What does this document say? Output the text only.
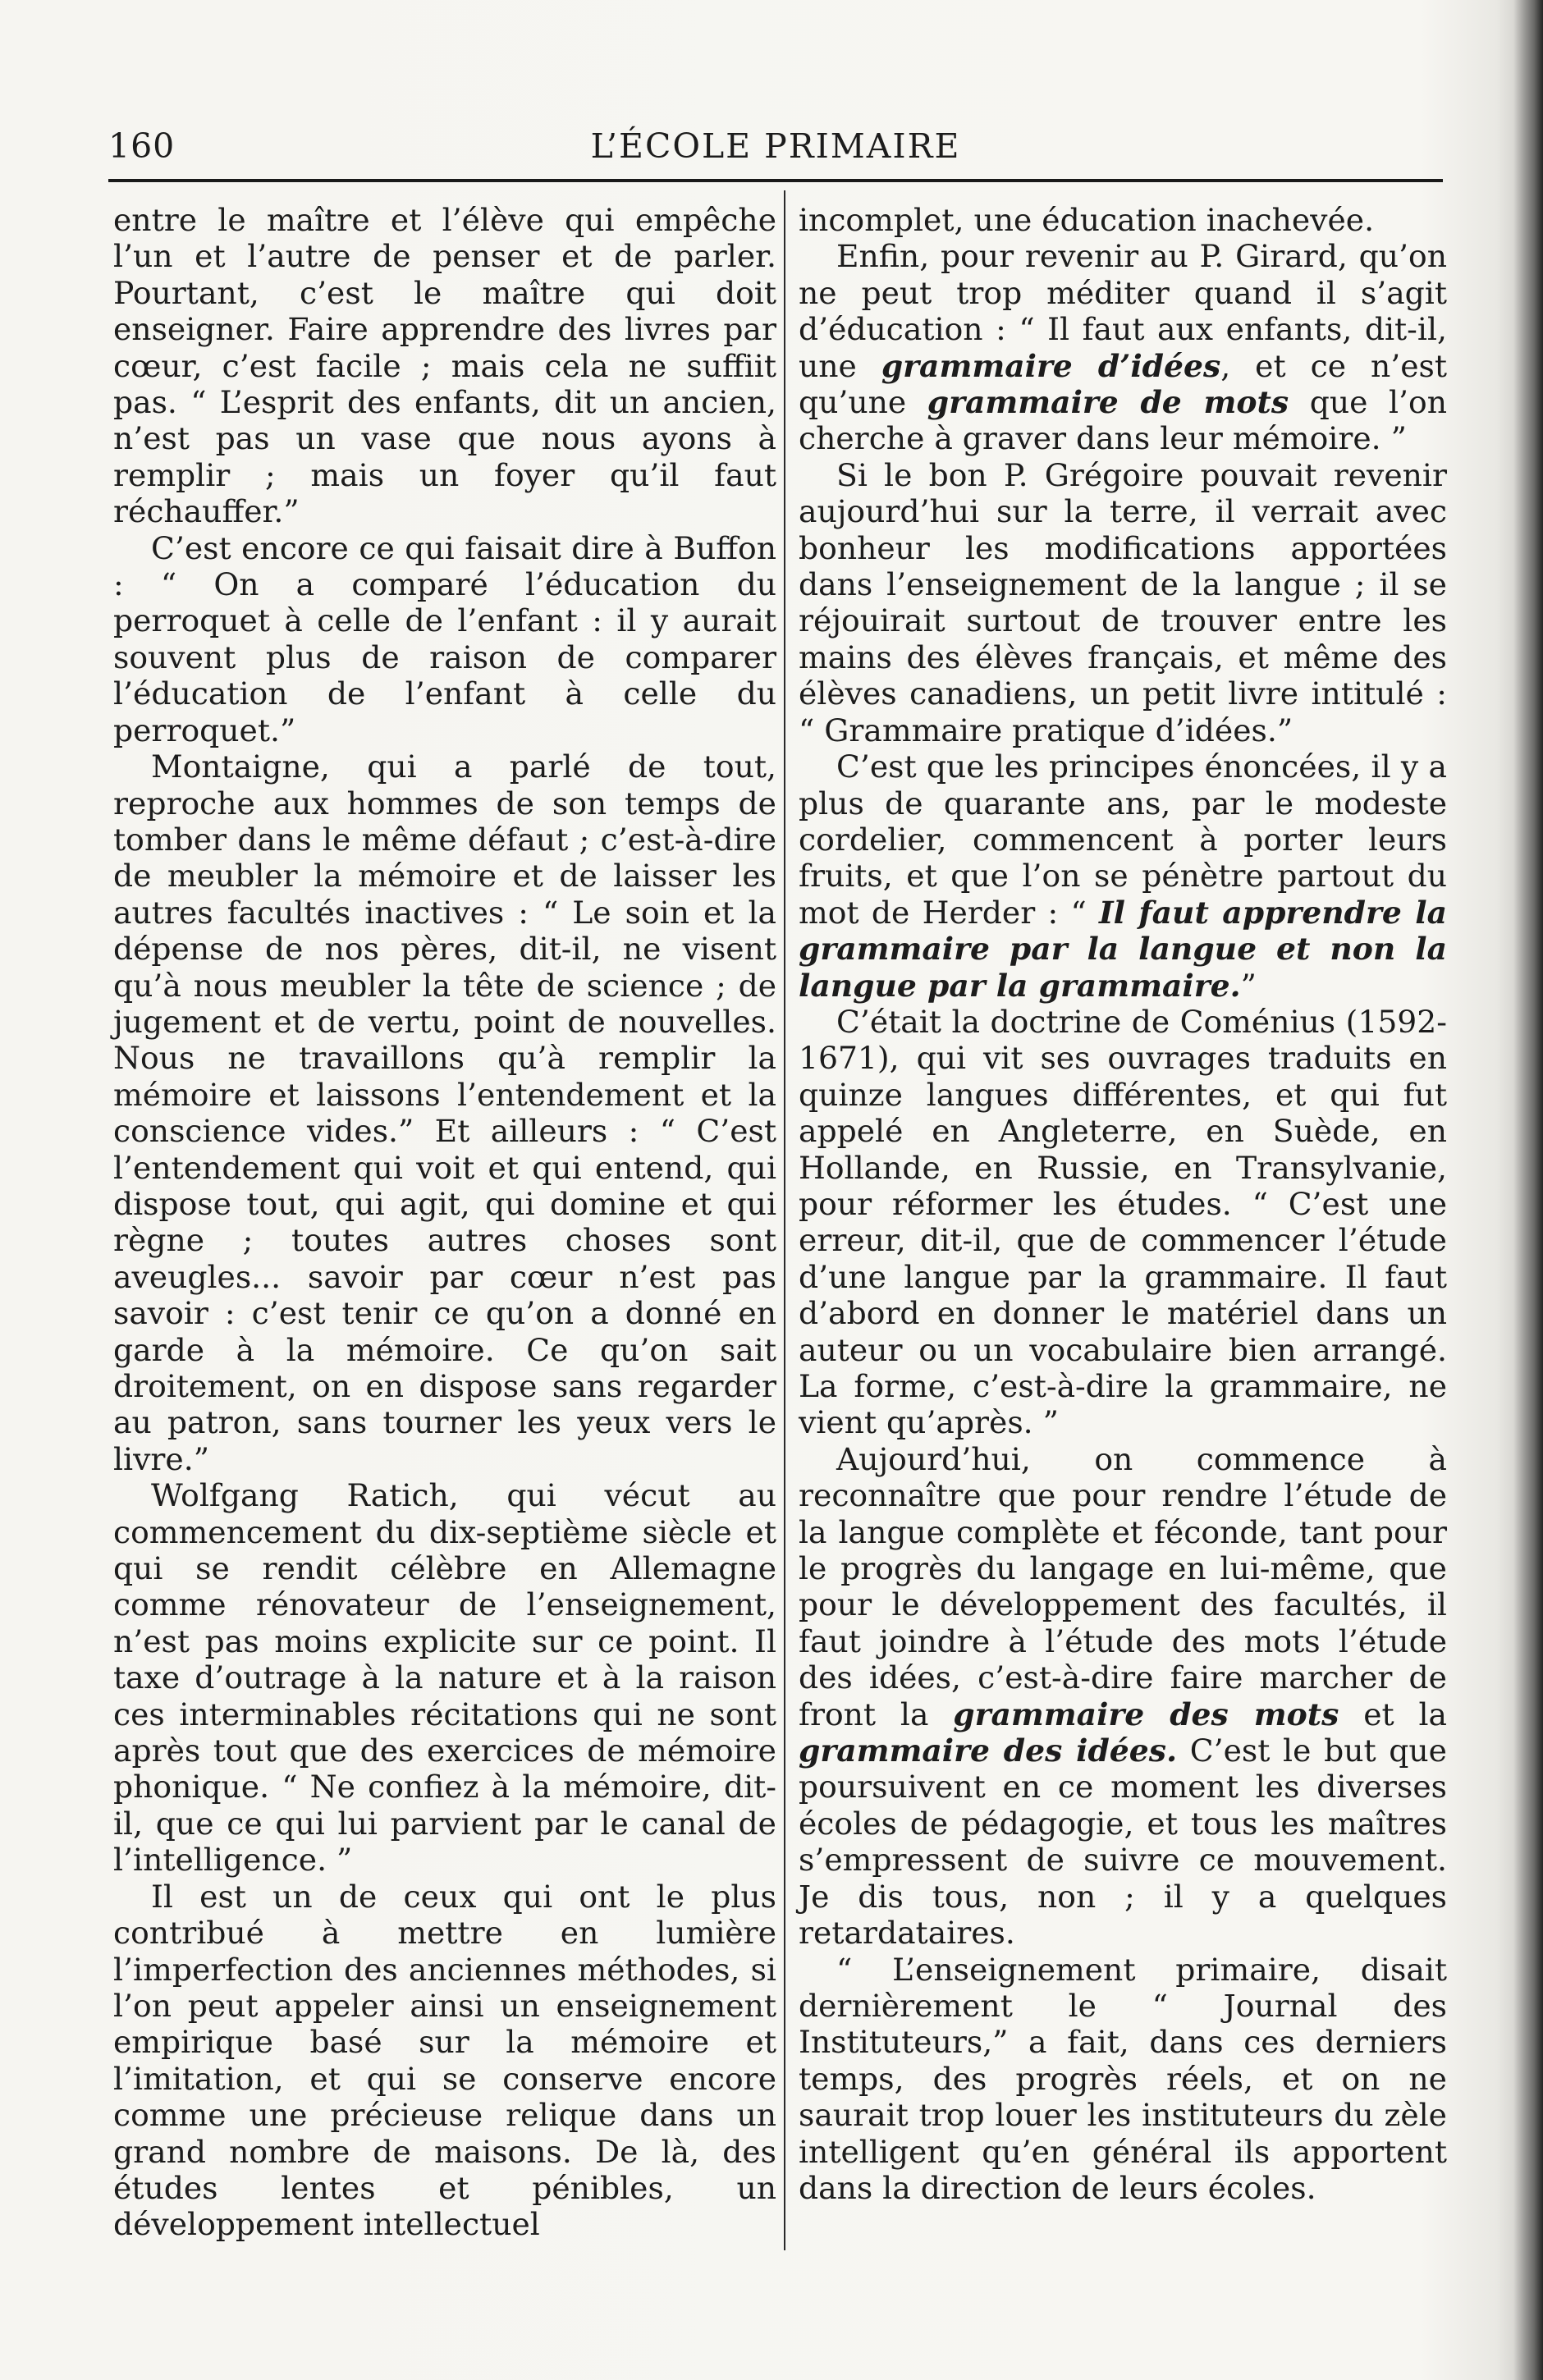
160	L’ÉCOLE PRIMAIRE

entre le maître et l’élève qui empêche l’un et l’autre de penser et de parler. Pourtant, c’est le maître qui doit enseigner. Faire apprendre des livres par cœur, c’est facile ; mais cela ne suffiit pas. “ L’esprit des enfants, dit un ancien, n’est pas un vase que nous ayons à remplir ; mais un foyer qu’il faut réchauffer.”

C’est encore ce qui faisait dire à Buffon : “ On a comparé l’éducation du perroquet à celle de l’enfant : il y aurait souvent plus de raison de comparer l’éducation de l’enfant à celle du perroquet.”

Montaigne, qui a parlé de tout, reproche aux hommes de son temps de tomber dans le même défaut ; c’est-à-dire de meubler la mémoire et de laisser les autres facultés inactives : “ Le soin et la dépense de nos pères, dit-il, ne visent qu’à nous meubler la tête de science ; de jugement et de vertu, point de nouvelles. Nous ne travaillons qu’à remplir la mémoire et laissons l’entendement et la conscience vides.” Et ailleurs : “ C’est l’entendement qui voit et qui entend, qui dispose tout, qui agit, qui domine et qui règne ; toutes autres choses sont aveugles... savoir par cœur n’est pas savoir : c’est tenir ce qu’on a donné en garde à la mémoire. Ce qu’on sait droitement, on en dispose sans regarder au patron, sans tourner les yeux vers le livre.”

Wolfgang Ratich, qui vécut au commencement du dix-septième siècle et qui se rendit célèbre en Allemagne comme rénovateur de l’enseignement, n’est pas moins explicite sur ce point. Il taxe d’outrage à la nature et à la raison ces interminables récitations qui ne sont après tout que des exercices de mémoire phonique. “ Ne confiez à la mémoire, dit-il, que ce qui lui parvient par le canal de l’intelligence. ”

Il est un de ceux qui ont le plus contribué à mettre en lumière l’imperfection des anciennes méthodes, si l’on peut appeler ainsi un enseignement empirique basé sur la mémoire et l’imitation, et qui se conserve encore comme une précieuse relique dans un grand nombre de maisons. De là, des études lentes et pénibles, un développement intellectuel

incomplet, une éducation inachevée.

Enfin, pour revenir au P. Girard, qu’on ne peut trop méditer quand il s’agit d’éducation : “ Il faut aux enfants, dit-il, une grammaire d’idées, et ce n’est qu’une grammaire de mots que l’on cherche à graver dans leur mémoire. ”

Si le bon P. Grégoire pouvait revenir aujourd’hui sur la terre, il verrait avec bonheur les modifications apportées dans l’enseignement de la langue ; il se réjouirait surtout de trouver entre les mains des élèves français, et même des élèves canadiens, un petit livre intitulé : “ Grammaire pratique d’idées.”

C’est que les principes énoncées, il y a plus de quarante ans, par le modeste cordelier, commencent à porter leurs fruits, et que l’on se pénètre partout du mot de Herder : “ Il faut apprendre la grammaire par la langue et non la langue par la grammaire.”

C’était la doctrine de Coménius (1592-1671), qui vit ses ouvrages traduits en quinze langues différentes, et qui fut appelé en Angleterre, en Suède, en Hollande, en Russie, en Transylvanie, pour réformer les études. “ C’est une erreur, dit-il, que de commencer l’étude d’une langue par la grammaire. Il faut d’abord en donner le matériel dans un auteur ou un vocabulaire bien arrangé. La forme, c’est-à-dire la grammaire, ne vient qu’après. ”

Aujourd’hui, on commence à reconnaître que pour rendre l’étude de la langue complète et féconde, tant pour le progrès du langage en lui-même, que pour le développement des facultés, il faut joindre à l’étude des mots l’étude des idées, c’est-à-dire faire marcher de front la grammaire des mots et la grammaire des idées. C’est le but que poursuivent en ce moment les diverses écoles de pédagogie, et tous les maîtres s’empressent de suivre ce mouvement. Je dis tous, non ; il y a quelques retardataires.

“ L’enseignement primaire, disait dernièrement le “ Journal des Instituteurs,” a fait, dans ces derniers temps, des progrès réels, et on ne saurait trop louer les instituteurs du zèle intelligent qu’en général ils apportent dans la direction de leurs écoles.
